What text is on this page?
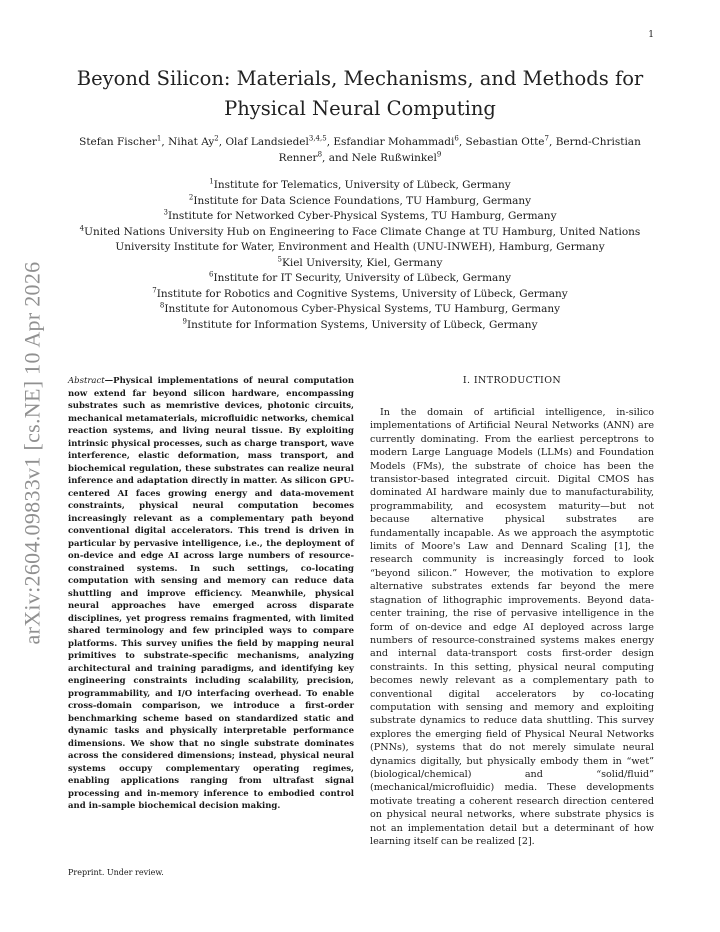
1
arXiv:2604.09833v1 [cs.NE] 10 Apr 2026
Beyond Silicon: Materials, Mechanisms, and Methods for Physical Neural Computing
Stefan Fischer$^1$, Nihat Ay$^2$, Olaf Landsiedel$^{3,4,5}$, Esfandiar Mohammadi$^6$, Sebastian Otte$^7$, Bernd-Christian Renner$^8$, and Nele Rußwinkel$^9$
$^1$Institute for Telematics, University of Lübeck, Germany
$^2$Institute for Data Science Foundations, TU Hamburg, Germany
$^3$Institute for Networked Cyber-Physical Systems, TU Hamburg, Germany
$^4$United Nations University Hub on Engineering to Face Climate Change at TU Hamburg, United Nations
University Institute for Water, Environment and Health (UNU-INWEH), Hamburg, Germany
$^5$Kiel University, Kiel, Germany
$^6$Institute for IT Security, University of Lübeck, Germany
$^7$Institute for Robotics and Cognitive Systems, University of Lübeck, Germany
$^8$Institute for Autonomous Cyber-Physical Systems, TU Hamburg, Germany
$^9$Institute for Information Systems, University of Lübeck, Germany
Abstract—Physical implementations of neural computation now extend far beyond silicon hardware, encompassing substrates such as memristive devices, photonic circuits, mechanical metamaterials, microfluidic networks, chemical reaction systems, and living neural tissue. By exploiting intrinsic physical processes, such as charge transport, wave interference, elastic deformation, mass transport, and biochemical regulation, these substrates can realize neural inference and adaptation directly in matter. As silicon GPU-centered AI faces growing energy and data-movement constraints, physical neural computation becomes increasingly relevant as a complementary path beyond conventional digital accelerators. This trend is driven in particular by pervasive intelligence, i.e., the deployment of on-device and edge AI across large numbers of resource-constrained systems. In such settings, co-locating computation with sensing and memory can reduce data shuttling and improve efficiency. Meanwhile, physical neural approaches have emerged across disparate disciplines, yet progress remains fragmented, with limited shared terminology and few principled ways to compare platforms. This survey unifies the field by mapping neural primitives to substrate-specific mechanisms, analyzing architectural and training paradigms, and identifying key engineering constraints including scalability, precision, programmability, and I/O interfacing overhead. To enable cross-domain comparison, we introduce a first-order benchmarking scheme based on standardized static and dynamic tasks and physically interpretable performance dimensions. We show that no single substrate dominates across the considered dimensions; instead, physical neural systems occupy complementary operating regimes, enabling applications ranging from ultrafast signal processing and in-memory inference to embodied control and in-sample biochemical decision making.
I. INTRODUCTION
In the domain of artificial intelligence, in-silico implementations of Artificial Neural Networks (ANN) are currently dominating. From the earliest perceptrons to modern Large Language Models (LLMs) and Foundation Models (FMs), the substrate of choice has been the transistor-based integrated circuit. Digital CMOS has dominated AI hardware mainly due to manufacturability, programmability, and ecosystem maturity—but not because alternative physical substrates are fundamentally incapable. As we approach the asymptotic limits of Moore's Law and Dennard Scaling [1], the research community is increasingly forced to look “beyond silicon.” However, the motivation to explore alternative substrates extends far beyond the mere stagnation of lithographic improvements. Beyond data-center training, the rise of pervasive intelligence in the form of on-device and edge AI deployed across large numbers of resource-constrained systems makes energy and internal data-transport costs first-order design constraints. In this setting, physical neural computing becomes newly relevant as a complementary path to conventional digital accelerators by co-locating computation with sensing and memory and exploiting substrate dynamics to reduce data shuttling. This survey explores the emerging field of Physical Neural Networks (PNNs), systems that do not merely simulate neural dynamics digitally, but physically embody them in “wet” (biological/chemical) and “solid/fluid” (mechanical/microfluidic) media. These developments motivate treating a coherent research direction centered on physical neural networks, where substrate physics is not an implementation detail but a determinant of how learning itself can be realized [2].
Preprint. Under review.
